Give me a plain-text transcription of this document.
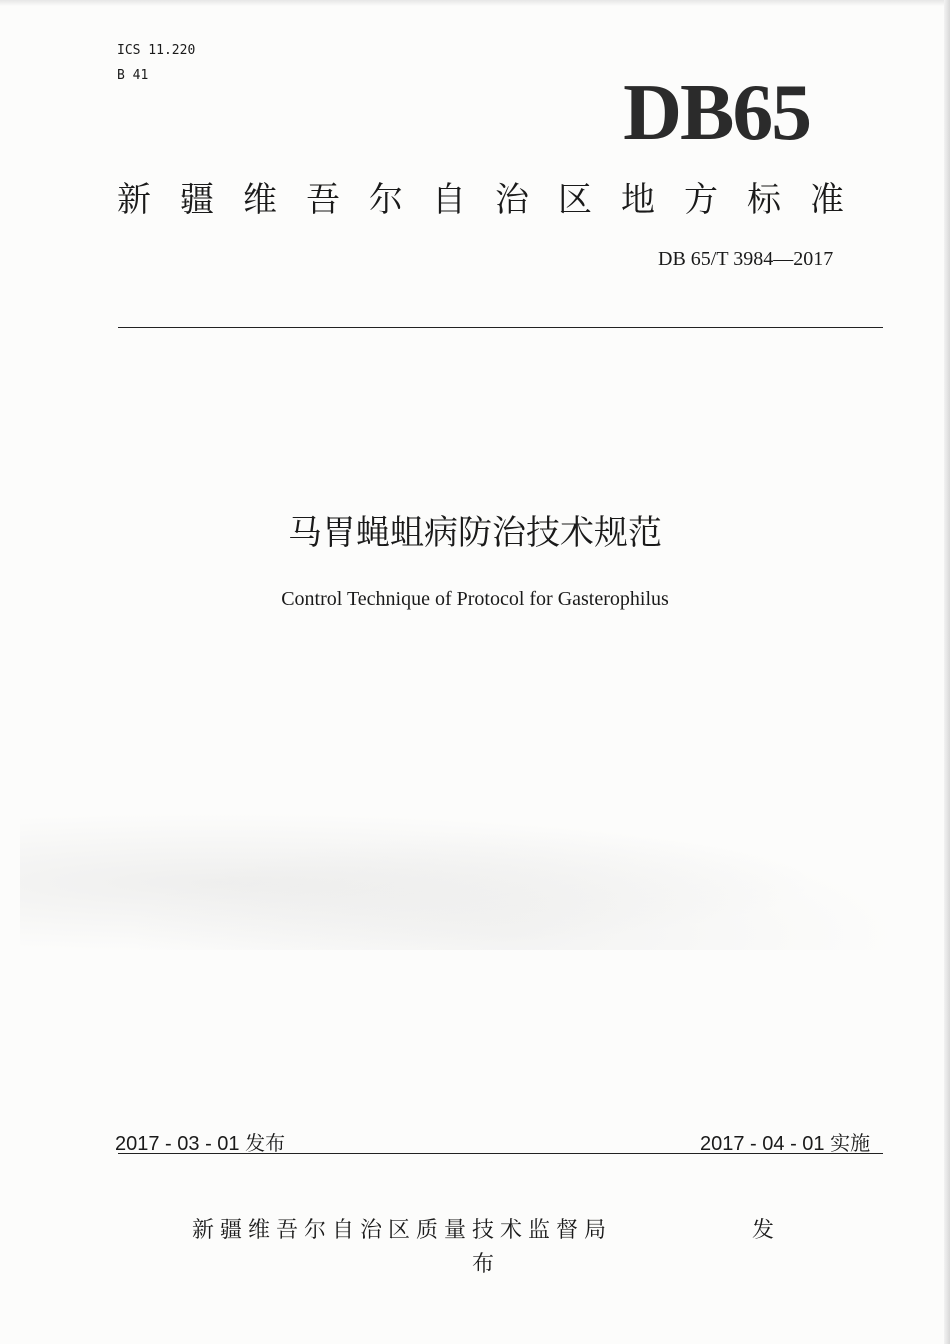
ICS 11.220
B 41	DB65
新疆维吾尔自治区地方标准
DB 65/T 3984—2017
马胃蝇蛆病防治技术规范
Control Technique of Protocol for Gasterophilus
2017 - 03 - 01 发布	2017 - 04 - 01 实施
新疆维吾尔自治区质量技术监督局	发
布
